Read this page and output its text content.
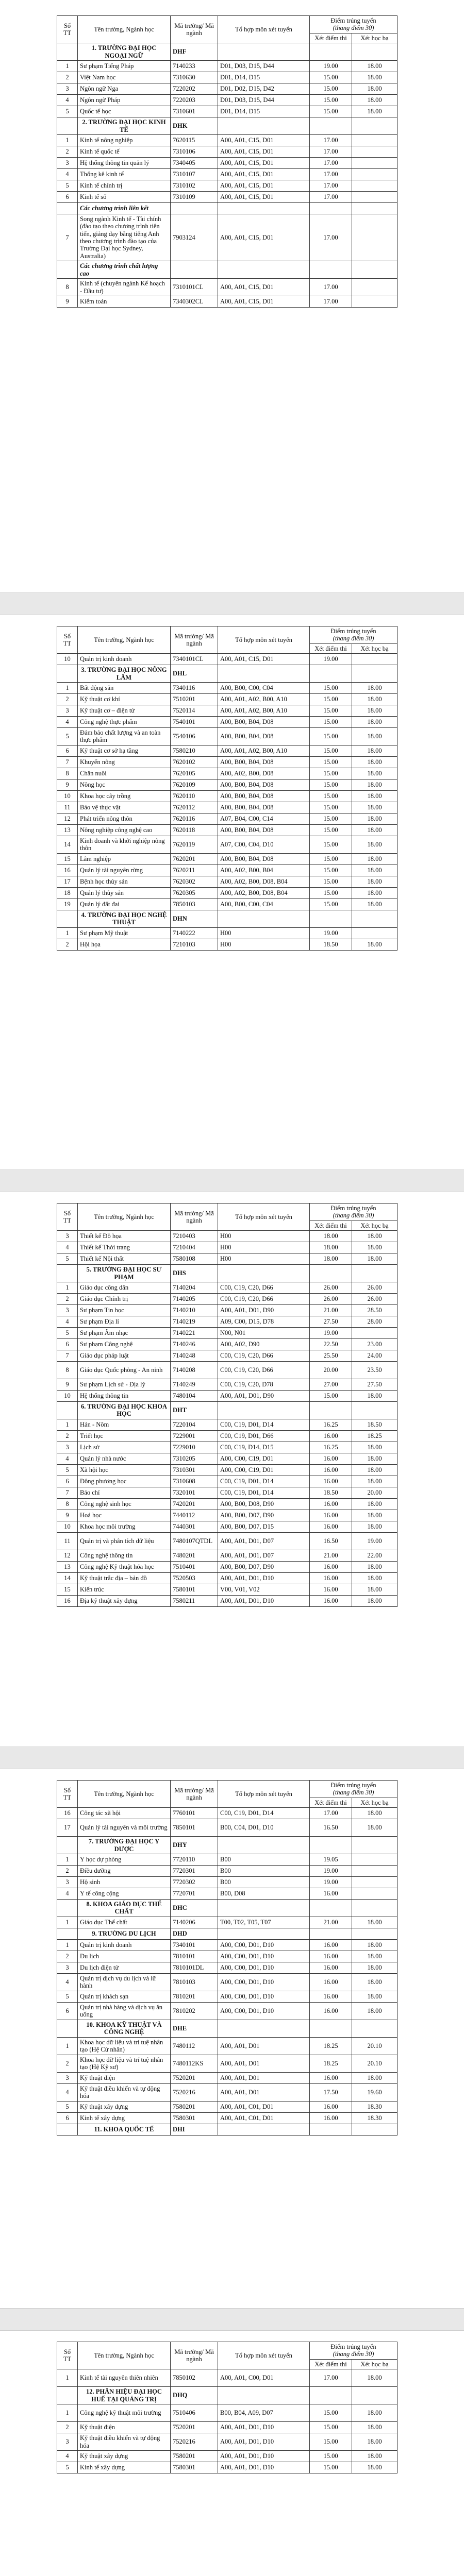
Số TT	Tên trường, Ngành học	Mã trường/ Mã ngành	Tổ hợp môn xét tuyển	Điểm trúng tuyển
(thang điểm 30)	

				Xét điểm thi	Xét học bạ
	1. TRƯỜNG ĐẠI HỌC NGOẠI NGỮ	DHF			
1	Sư phạm Tiếng Pháp	7140233	D01, D03, D15, D44	19.00	18.00
2	Việt Nam học	7310630	D01, D14, D15	15.00	18.00
3	Ngôn ngữ Nga	7220202	D01, D02, D15, D42	15.00	18.00
4	Ngôn ngữ Pháp	7220203	D01, D03, D15, D44	15.00	18.00
5	Quốc tế học	7310601	D01, D14, D15	15.00	18.00
	2. TRƯỜNG ĐẠI HỌC KINH TẾ	DHK			
1	Kinh tế nông nghiệp	7620115	A00, A01, C15, D01	17.00	
2	Kinh tế quốc tế	7310106	A00, A01, C15, D01	17.00	
3	Hệ thống thông tin quản lý	7340405	A00, A01, C15, D01	17.00	
4	Thống kê kinh tế	7310107	A00, A01, C15, D01	17.00	
5	Kinh tế chính trị	7310102	A00, A01, C15, D01	17.00	
6	Kinh tế số	7310109	A00, A01, C15, D01	17.00	
	Các chương trình liên kết				
7	Song ngành Kinh tế - Tài chính (đào tạo theo chương trình tiên tiến, giảng dạy bằng tiếng Anh theo chương trình đào tạo của Trường Đại học Sydney, Australia)	7903124	A00, A01, C15, D01	17.00	
	Các chương trình chất lượng cao				
8	Kinh tế (chuyên ngành Kế hoạch - Đầu tư)	7310101CL	A00, A01, C15, D01	17.00	
9	Kiểm toán	7340302CL	A00, A01, C15, D01	17.00	
Số TT	Tên trường, Ngành học	Mã trường/ Mã ngành	Tổ hợp môn xét tuyển	Điểm trúng tuyển
(thang điểm 30)	

				Xét điểm thi	Xét học bạ
10	Quản trị kinh doanh	7340101CL	A00, A01, C15, D01	19.00	
	3. TRƯỜNG ĐẠI HỌC NÔNG LÂM	DHL			
1	Bất động sản	7340116	A00, B00, C00, C04	15.00	18.00
2	Kỹ thuật cơ khí	7510201	A00, A01, A02, B00, A10	15.00	18.00
3	Kỹ thuật cơ – điện tử	7520114	A00, A01, A02, B00, A10	15.00	18.00
4	Công nghệ thực phẩm	7540101	A00, B00, B04, D08	15.00	18.00
5	Đảm bảo chất lượng và an toàn thực phẩm	7540106	A00, B00, B04, D08	15.00	18.00
6	Kỹ thuật cơ sở hạ tầng	7580210	A00, A01, A02, B00, A10	15.00	18.00
7	Khuyến nông	7620102	A00, B00, B04, D08	15.00	18.00
8	Chăn nuôi	7620105	A00, A02, B00, D08	15.00	18.00
9	Nông học	7620109	A00, B00, B04, D08	15.00	18.00
10	Khoa học cây trồng	7620110	A00, B00, B04, D08	15.00	18.00
11	Bảo vệ thực vật	7620112	A00, B00, B04, D08	15.00	18.00
12	Phát triển nông thôn	7620116	A07, B04, C00, C14	15.00	18.00
13	Nông nghiệp công nghệ cao	7620118	A00, B00, B04, D08	15.00	18.00
14	Kinh doanh và khởi nghiệp nông thôn	7620119	A07, C00, C04, D10	15.00	18.00
15	Lâm nghiệp	7620201	A00, B00, B04, D08	15.00	18.00
16	Quản lý tài nguyên rừng	7620211	A00, A02, B00, B04	15.00	18.00
17	Bệnh học thủy sản	7620302	A00, A02, B00, D08, B04	15.00	18.00
18	Quản lý thủy sản	7620305	A00, A02, B00, D08, B04	15.00	18.00
19	Quản lý đất đai	7850103	A00, B00, C00, C04	15.00	18.00
	4. TRƯỜNG ĐẠI HỌC NGHỆ THUẬT	DHN			
1	Sư phạm Mỹ thuật	7140222	H00	19.00	
2	Hội họa	7210103	H00	18.50	18.00
Số TT	Tên trường, Ngành học	Mã trường/ Mã ngành	Tổ hợp môn xét tuyển	Điểm trúng tuyển
(thang điểm 30)	

				Xét điểm thi	Xét học bạ
3	Thiết kế Đồ họa	7210403	H00	18.00	18.00
4	Thiết kế Thời trang	7210404	H00	18.00	18.00
5	Thiết kế Nội thất	7580108	H00	18.00	18.00
	5. TRƯỜNG ĐẠI HỌC SƯ PHẠM	DHS			
1	Giáo dục công dân	7140204	C00, C19, C20, D66	26.00	26.00
2	Giáo dục Chính trị	7140205	C00, C19, C20, D66	26.00	26.00
3	Sư phạm Tin học	7140210	A00, A01, D01, D90	21.00	28.50
4	Sư phạm Địa lí	7140219	A09, C00, D15, D78	27.50	28.00
5	Sư phạm Âm nhạc	7140221	N00, N01	19.00	
6	Sư phạm Công nghệ	7140246	A00, A02, D90	22.50	23.00
7	Giáo dục pháp luật	7140248	C00, C19, C20, D66	25.50	24.00
8	Giáo dục Quốc phòng - An ninh	7140208	C00, C19, C20, D66	20.00	23.50
9	Sư phạm Lịch sử - Địa lý	7140249	C00, C19, C20, D78	27.00	27.50
10	Hệ thống thông tin	7480104	A00, A01, D01, D90	15.00	18.00
	6. TRƯỜNG ĐẠI HỌC KHOA HỌC	DHT			
1	Hán - Nôm	7220104	C00, C19, D01, D14	16.25	18.50
2	Triết học	7229001	C00, C19, D01, D66	16.00	18.25
3	Lịch sử	7229010	C00, C19, D14, D15	16.25	18.00
4	Quản lý nhà nước	7310205	A00, C00, C19, D01	16.00	18.00
5	Xã hội học	7310301	A00, C00, C19, D01	16.00	18.00
6	Đông phương học	7310608	C00, C19, D01, D14	16.00	18.00
7	Báo chí	7320101	C00, C19, D01, D14	18.50	20.00
8	Công nghệ sinh học	7420201	A00, B00, D08, D90	16.00	18.00
9	Hoá học	7440112	A00, B00, D07, D90	16.00	18.00
10	Khoa học môi trường	7440301	A00, B00, D07, D15	16.00	18.00
11	Quản trị và phân tích dữ liệu	7480107QTDL	A00, A01, D01, D07	16.50	19.00
12	Công nghệ thông tin	7480201	A00, A01, D01, D07	21.00	22.00
13	Công nghệ Kỹ thuật hóa học	7510401	A00, B00, D07, D90	16.00	18.00
14	Kỹ thuật trắc địa – bản đồ	7520503	A00, A01, D01, D10	16.00	18.00
15	Kiến trúc	7580101	V00, V01, V02	16.00	18.00
16	Địa kỹ thuật xây dựng	7580211	A00, A01, D01, D10	16.00	18.00
Số TT	Tên trường, Ngành học	Mã trường/ Mã ngành	Tổ hợp môn xét tuyển	Điểm trúng tuyển
(thang điểm 30)	

				Xét điểm thi	Xét học bạ
16	Công tác xã hội	7760101	C00, C19, D01, D14	17.00	18.00
17	Quản lý tài nguyên và môi trường	7850101	B00, C04, D01, D10	16.50	18.00
	7. TRƯỜNG ĐẠI HỌC Y DƯỢC	DHY			
1	Y học dự phòng	7720110	B00	19.05	
2	Điều dưỡng	7720301	B00	19.00	
3	Hộ sinh	7720302	B00	19.00	
4	Y tế công cộng	7720701	B00, D08	16.00	
	8. KHOA GIÁO DỤC THỂ CHẤT	DHC			
1	Giáo dục Thể chất	7140206	T00, T02, T05, T07	21.00	18.00
	9. TRƯỜNG DU LỊCH	DHD			
1	Quản trị kinh doanh	7340101	A00, C00, D01, D10	16.00	18.00
2	Du lịch	7810101	A00, C00, D01, D10	16.00	18.00
3	Du lịch điện tử	7810101DL	A00, C00, D01, D10	16.00	18.00
4	Quản trị dịch vụ du lịch và lữ hành	7810103	A00, C00, D01, D10	16.00	18.00
5	Quản trị khách sạn	7810201	A00, C00, D01, D10	16.00	18.00
6	Quản trị nhà hàng và dịch vụ ăn uống	7810202	A00, C00, D01, D10	16.00	18.00
	10. KHOA KỸ THUẬT VÀ CÔNG NGHỆ	DHE			
1	Khoa học dữ liệu và trí tuệ nhân tạo (Hệ Cử nhân)	7480112	A00, A01, D01	18.25	20.10
2	Khoa học dữ liệu và trí tuệ nhân tạo (Hệ Kỹ sư)	7480112KS	A00, A01, D01	18.25	20.10
3	Kỹ thuật điện	7520201	A00, A01, D01	16.00	18.00
4	Kỹ thuật điều khiển và tự động hóa	7520216	A00, A01, D01	17.50	19.60
5	Kỹ thuật xây dựng	7580201	A00, A01, C01, D01	16.00	18.30
6	Kinh tế xây dựng	7580301	A00, A01, C01, D01	16.00	18.30
	11. KHOA QUỐC TẾ	DHI			
Số TT	Tên trường, Ngành học	Mã trường/ Mã ngành	Tổ hợp môn xét tuyển	Điểm trúng tuyển
(thang điểm 30)	

				Xét điểm thi	Xét học bạ
1	Kinh tế tài nguyên thiên nhiên	7850102	A00, A01, C00, D01	17.00	18.00
	12. PHÂN HIỆU ĐẠI HỌC HUẾ TẠI QUẢNG TRỊ	DHQ			
1	Công nghệ kỹ thuật môi trường	7510406	B00, B04, A09, D07	15.00	18.00
2	Kỹ thuật điện	7520201	A00, A01, D01, D10	15.00	18.00
3	Kỹ thuật điều khiển và tự động hóa	7520216	A00, A01, D01, D10	15.00	18.00
4	Kỹ thuật xây dựng	7580201	A00, A01, D01, D10	15.00	18.00
5	Kinh tế xây dựng	7580301	A00, A01, D01, D10	15.00	18.00
